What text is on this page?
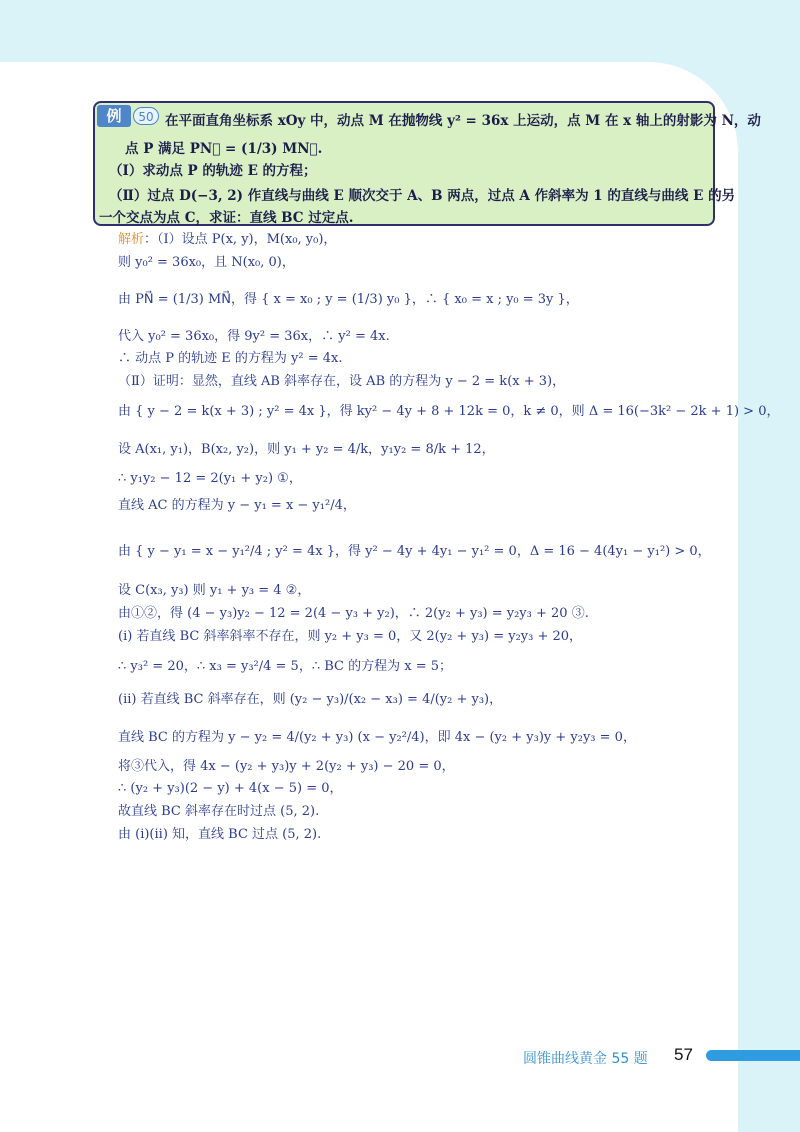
例	50 在平面直角坐标系 xOy 中，动点 M 在抛物线 y² = 36x 上运动，点 M 在 x 轴上的射影为 N，动
点 P 满足 PN⃗ = (1/3) MN⃗.
（Ⅰ）求动点 P 的轨迹 E 的方程；
（Ⅱ）过点 D(−3, 2) 作直线与曲线 E 顺次交于 A、B 两点，过点 A 作斜率为 1 的直线与曲线 E 的另
一个交点为点 C，求证：直线 BC 过定点.
解析：（Ⅰ）设点 P(x, y)，M(x₀, y₀)，
则 y₀² = 36x₀，且 N(x₀, 0)，
由 PN⃗ = (1/3) MN⃗，得 { x = x₀ ; y = (1/3) y₀ }，∴ { x₀ = x ; y₀ = 3y }，
代入 y₀² = 36x₀，得 9y² = 36x，∴ y² = 4x.
∴ 动点 P 的轨迹 E 的方程为 y² = 4x.
（Ⅱ）证明：显然，直线 AB 斜率存在，设 AB 的方程为 y − 2 = k(x + 3)，
由 { y − 2 = k(x + 3) ; y² = 4x }，得 ky² − 4y + 8 + 12k = 0，k ≠ 0，则 Δ = 16(−3k² − 2k + 1) > 0，
设 A(x₁, y₁)，B(x₂, y₂)，则 y₁ + y₂ = 4/k，y₁y₂ = 8/k + 12，
∴ y₁y₂ − 12 = 2(y₁ + y₂) ①，
直线 AC 的方程为 y − y₁ = x − y₁²/4，
由 { y − y₁ = x − y₁²/4 ; y² = 4x }，得 y² − 4y + 4y₁ − y₁² = 0，Δ = 16 − 4(4y₁ − y₁²) > 0，
设 C(x₃, y₃) 则 y₁ + y₃ = 4 ②，
由①②，得 (4 − y₃)y₂ − 12 = 2(4 − y₃ + y₂)，∴ 2(y₂ + y₃) = y₂y₃ + 20 ③.
(i) 若直线 BC 斜率斜率不存在，则 y₂ + y₃ = 0，又 2(y₂ + y₃) = y₂y₃ + 20，
∴ y₃² = 20，∴ x₃ = y₃²/4 = 5，∴ BC 的方程为 x = 5；
(ii) 若直线 BC 斜率存在，则 (y₂ − y₃)/(x₂ − x₃) = 4/(y₂ + y₃)，
直线 BC 的方程为 y − y₂ = 4/(y₂ + y₃) (x − y₂²/4)，即 4x − (y₂ + y₃)y + y₂y₃ = 0，
将③代入，得 4x − (y₂ + y₃)y + 2(y₂ + y₃) − 20 = 0，
∴ (y₂ + y₃)(2 − y) + 4(x − 5) = 0，
故直线 BC 斜率存在时过点 (5, 2).
由 (i)(ii) 知，直线 BC 过点 (5, 2).
圆锥曲线黄金 55 题 57
